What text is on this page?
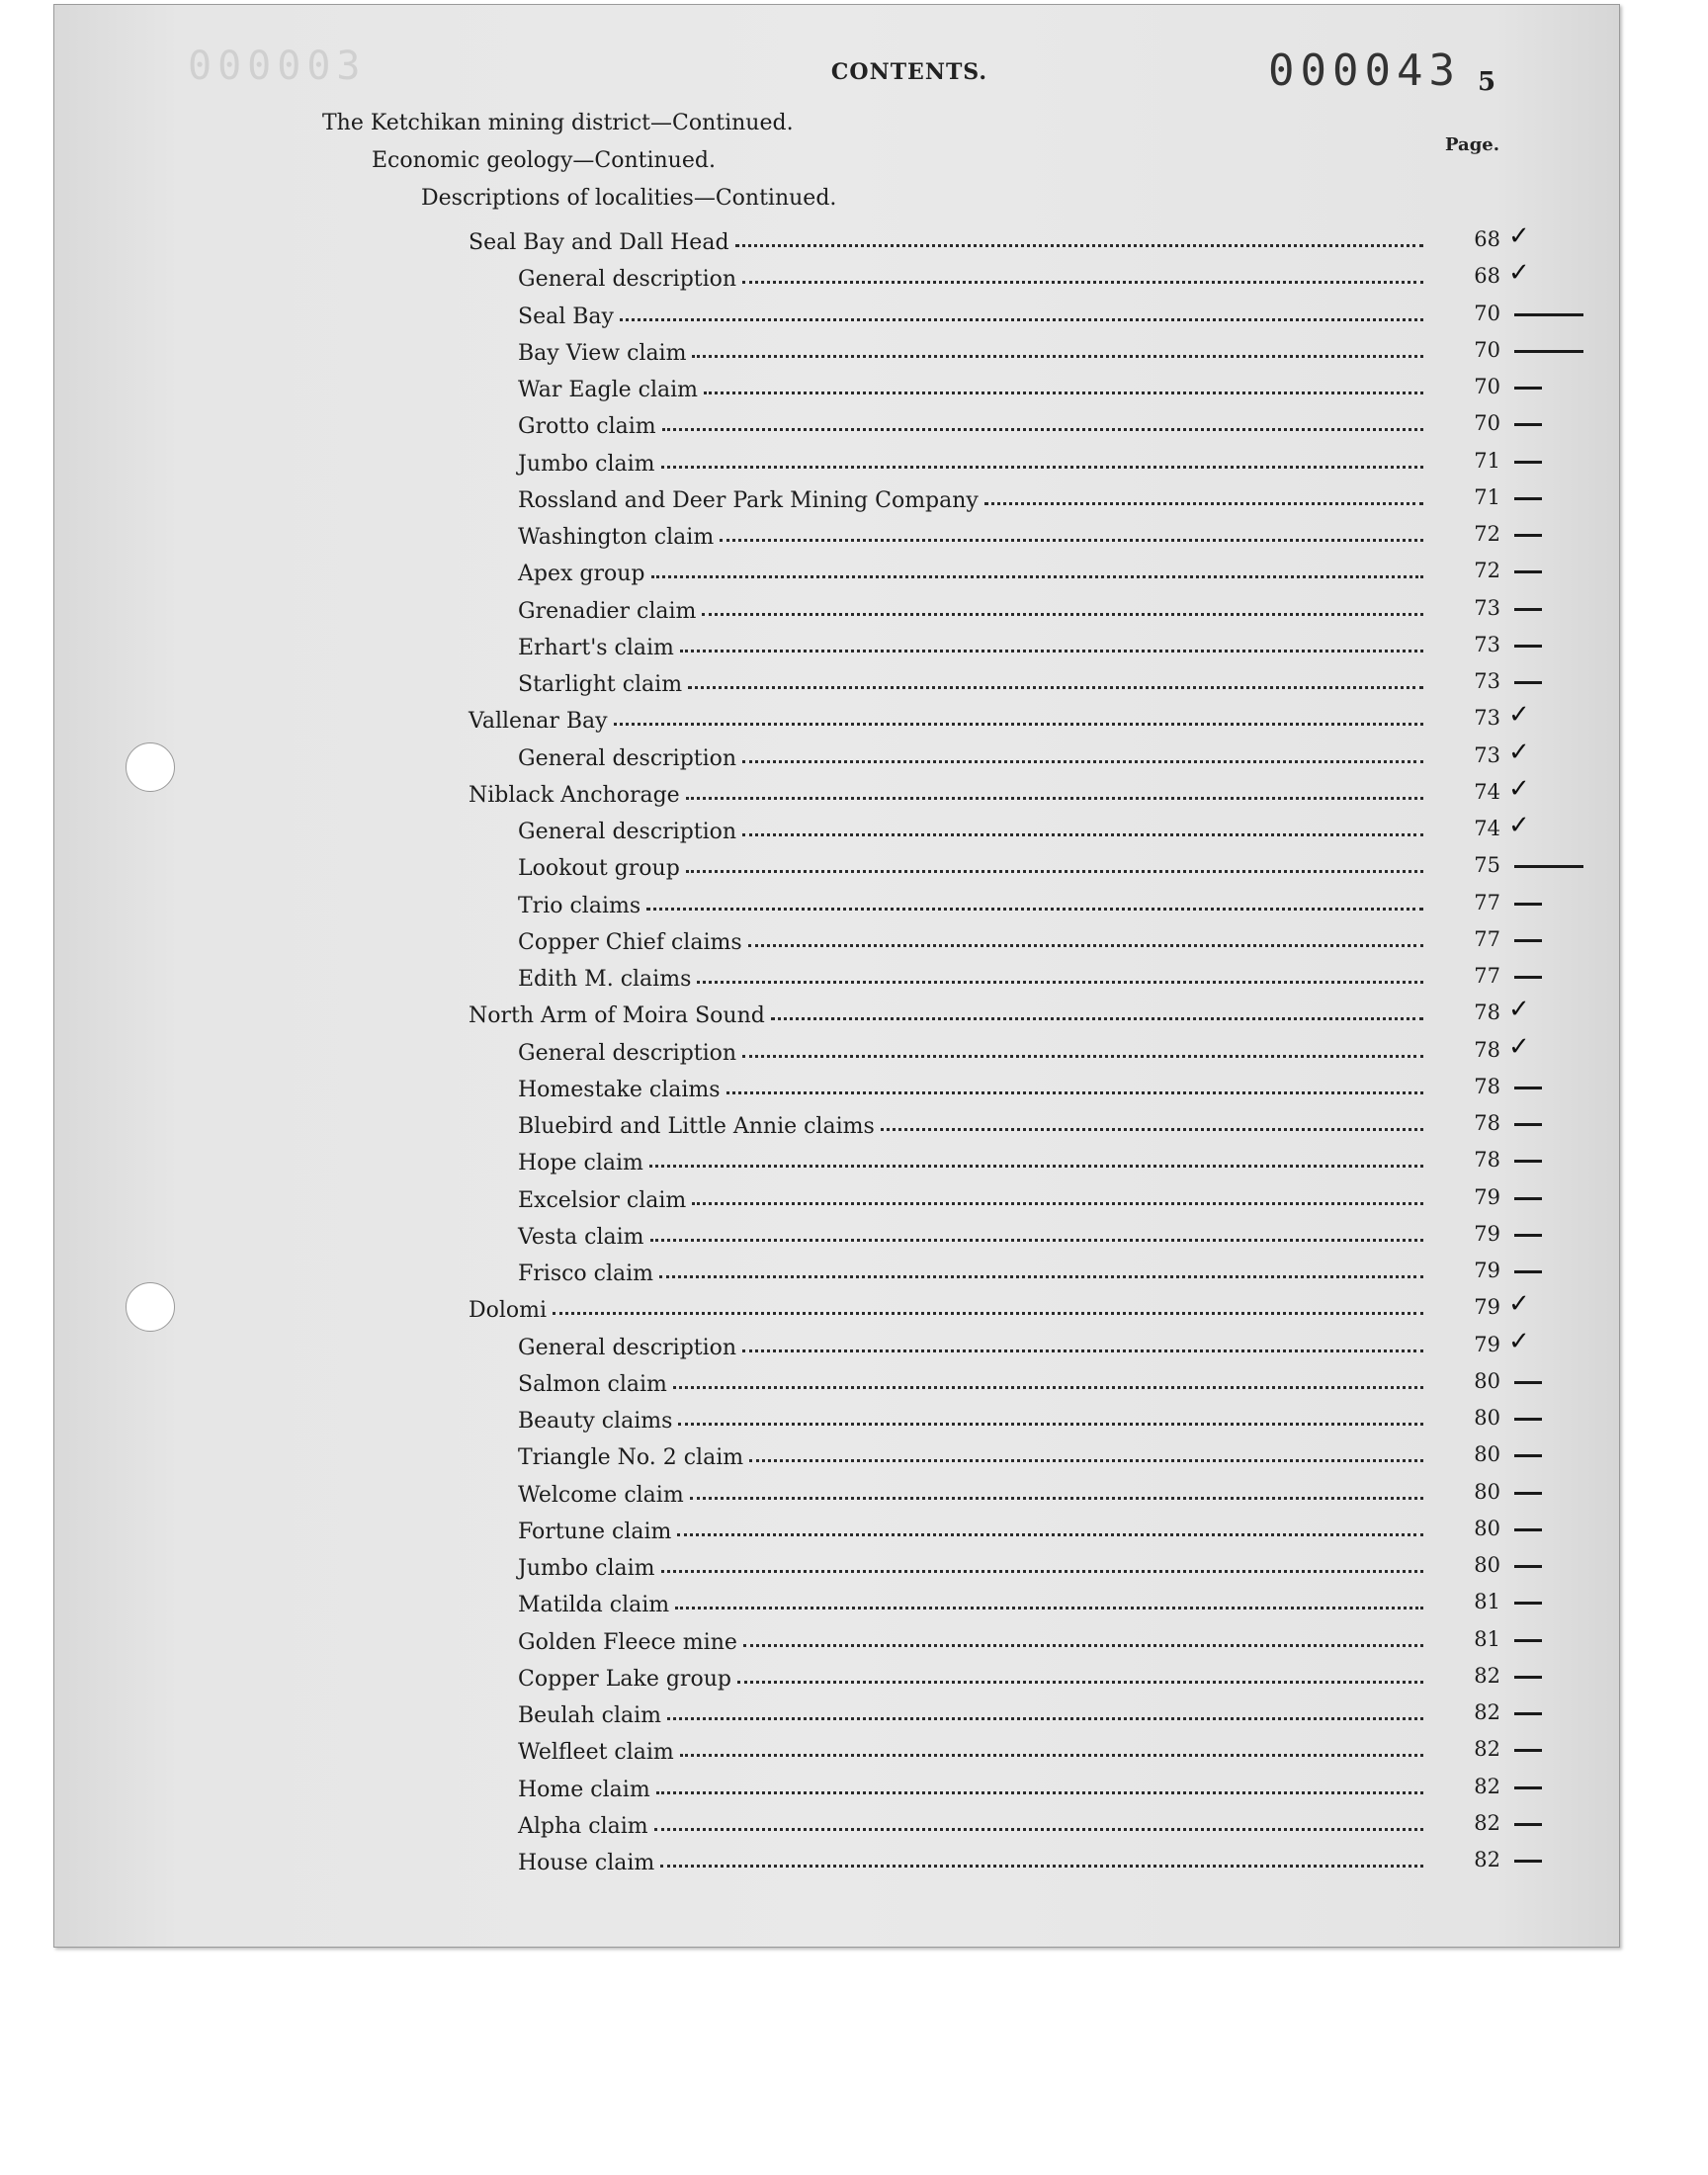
000003	CONTENTS.	000043 5
Page.
The Ketchikan mining district—Continued.
Economic geology—Continued.
Descriptions of localities—Continued.
Seal Bay and Dall Head	68 ✓
General description	68 ✓
Seal Bay	70
Bay View claim	70
War Eagle claim	70
Grotto claim	70
Jumbo claim	71
Rossland and Deer Park Mining Company	71
Washington claim	72
Apex group	72
Grenadier claim	73
Erhart's claim	73
Starlight claim	73
Vallenar Bay	73 ✓
General description	73 ✓
Niblack Anchorage	74 ✓
General description	74 ✓
Lookout group	75
Trio claims	77
Copper Chief claims	77
Edith M. claims	77
North Arm of Moira Sound	78 ✓
General description	78 ✓
Homestake claims	78
Bluebird and Little Annie claims	78
Hope claim	78
Excelsior claim	79
Vesta claim	79
Frisco claim	79
Dolomi	79 ✓
General description	79 ✓
Salmon claim	80
Beauty claims	80
Triangle No. 2 claim	80
Welcome claim	80
Fortune claim	80
Jumbo claim	80
Matilda claim	81
Golden Fleece mine	81
Copper Lake group	82
Beulah claim	82
Welfleet claim	82
Home claim	82
Alpha claim	82
House claim	82
